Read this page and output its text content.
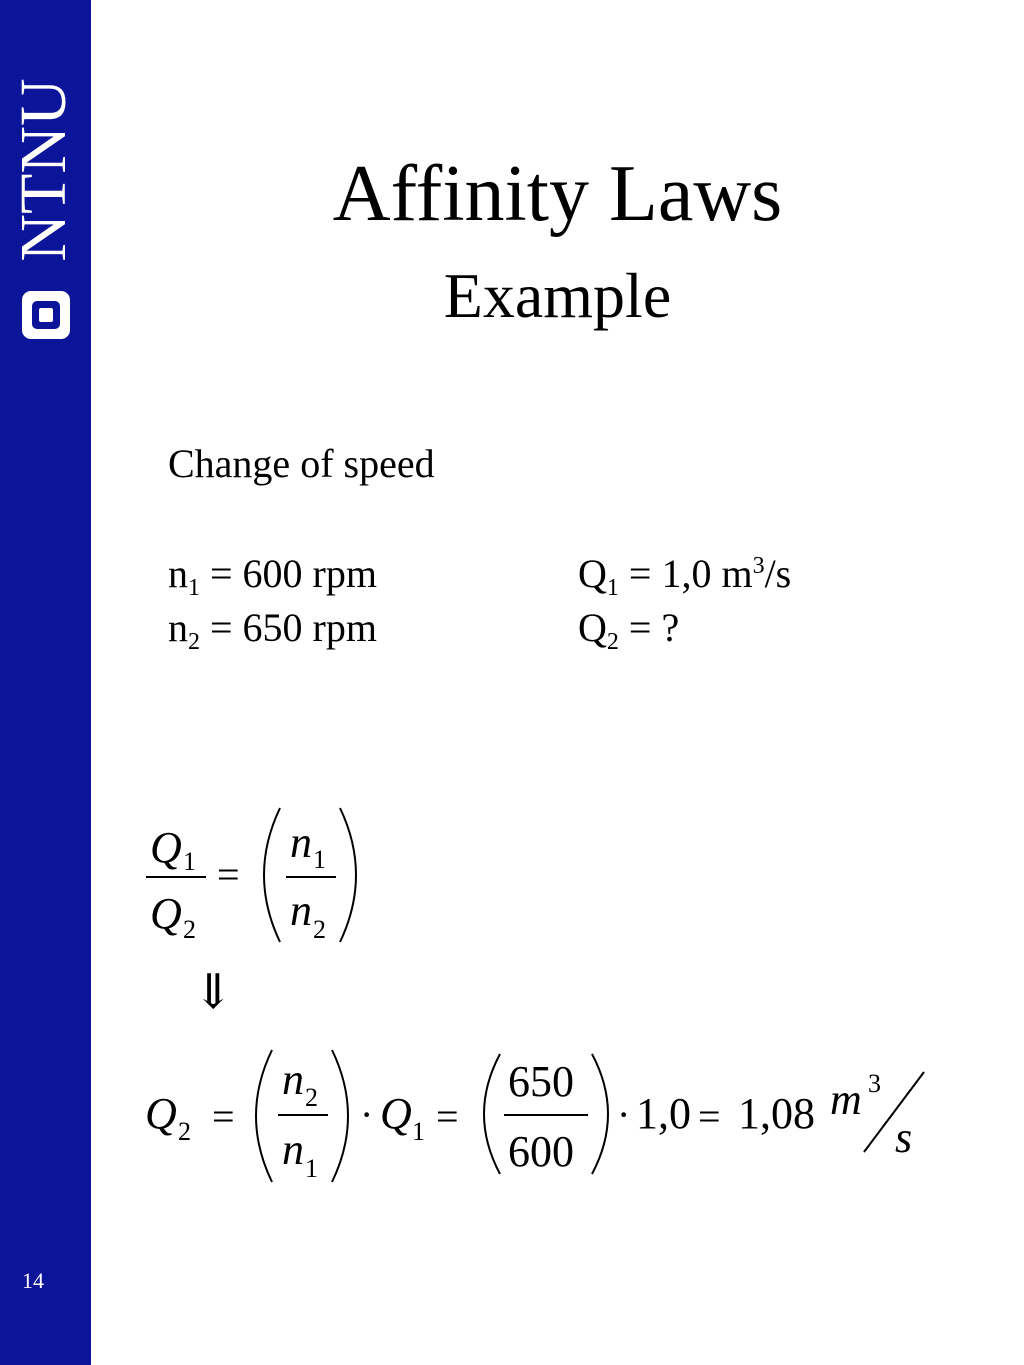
NTNU
14
Affinity Laws
Example
Change of speed
$n_1 = 600$ rpm
$n_2 = 650$ rpm
$Q_1 = 1,0$ $m^3/s$
$Q_2$ = ?
Q 1
Q 2
=
n 1
n 2
⇓
Q 2 =
n 2
n 1
· Q 1 =
650
600
· 1,0 = 1,08 m 3
s
